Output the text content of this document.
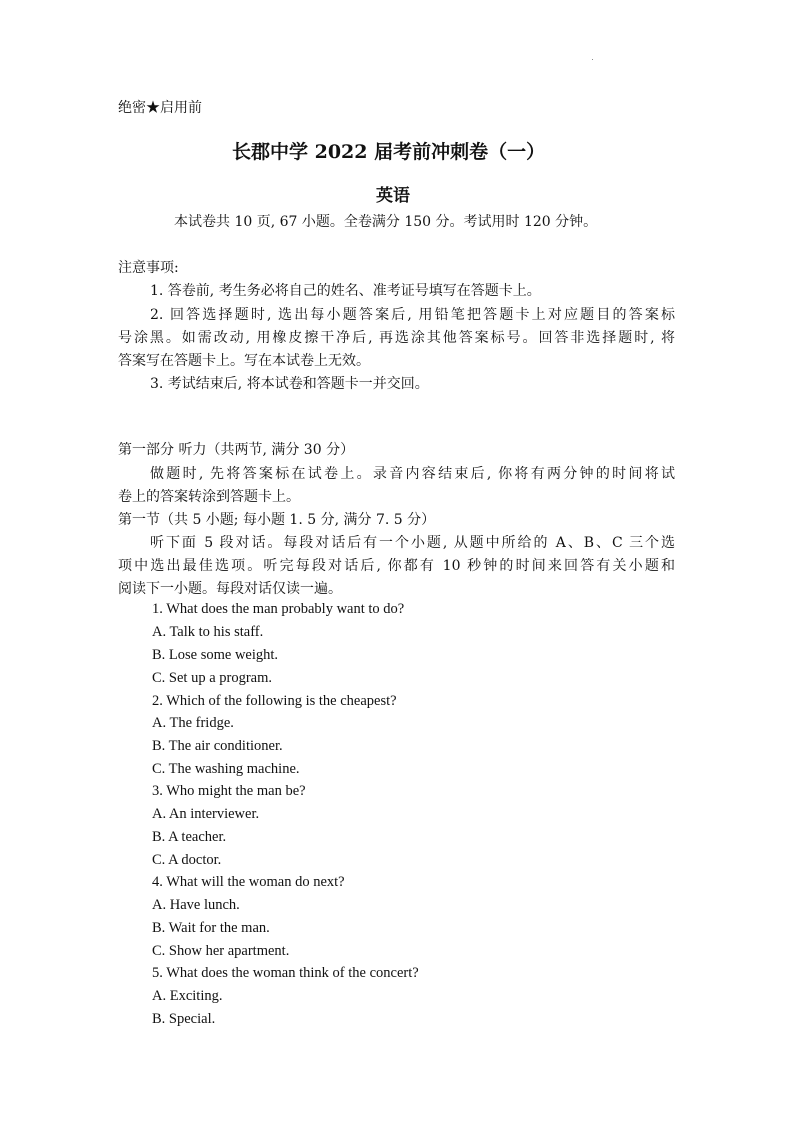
绝密★启用前
长郡中学 2022 届考前冲刺卷（一）
英语
本试卷共 10 页, 67 小题。全卷满分 150 分。考试用时 120 分钟。
注意事项:
1. 答卷前, 考生务必将自己的姓名、准考证号填写在答题卡上。
2. 回答选择题时, 选出每小题答案后, 用铅笔把答题卡上对应题目的答案标
号涂黑。如需改动, 用橡皮擦干净后, 再选涂其他答案标号。回答非选择题时, 将
答案写在答题卡上。写在本试卷上无效。
3. 考试结束后, 将本试卷和答题卡一并交回。
第一部分 听力（共两节, 满分 30 分）
做题时, 先将答案标在试卷上。录音内容结束后, 你将有两分钟的时间将试
卷上的答案转涂到答题卡上。
第一节（共 5 小题; 每小题 1. 5 分, 满分 7. 5 分）
听下面 5 段对话。每段对话后有一个小题, 从题中所给的 A、B、C 三个选
项中选出最佳选项。听完每段对话后, 你都有 10 秒钟的时间来回答有关小题和
阅读下一小题。每段对话仅读一遍。
1. What does the man probably want to do?
A. Talk to his staff.
B. Lose some weight.
C. Set up a program.
2. Which of the following is the cheapest?
A. The fridge.
B. The air conditioner.
C. The washing machine.
3. Who might the man be?
A. An interviewer.
B. A teacher.
C. A doctor.
4. What will the woman do next?
A. Have lunch.
B. Wait for the man.
C. Show her apartment.
5. What does the woman think of the concert?
A. Exciting.
B. Special.
